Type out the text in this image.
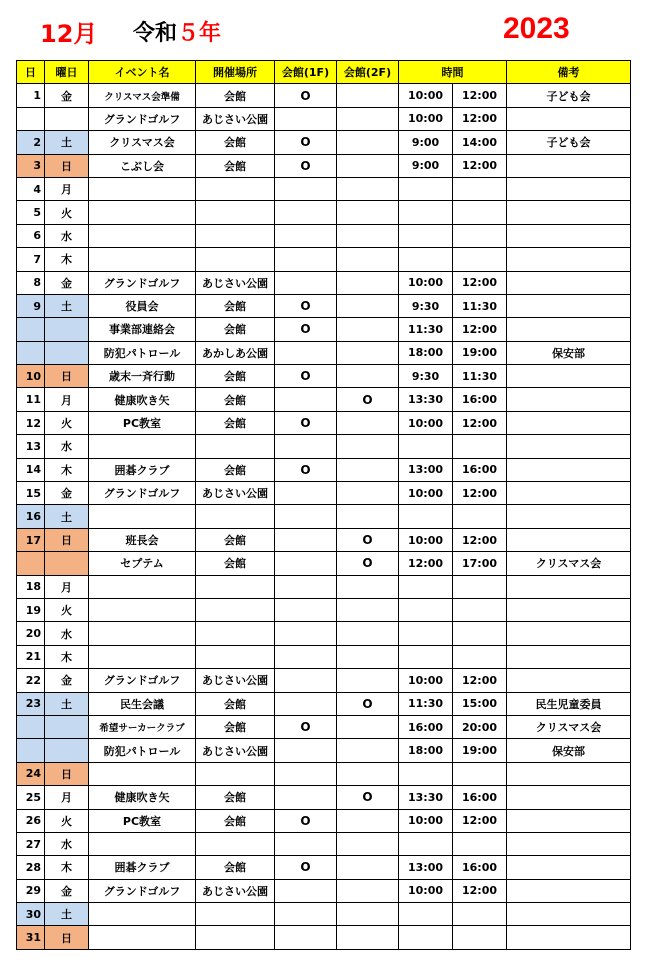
12月 令和５年	2023
日	曜日	イベント名	開催場所	会館(1F)	会館(2F)	時間		備考
1	金	クリスマス会準備	会館	O		10:00	12:00	子ども会
		グランドゴルフ	あじさい公園			10:00	12:00	
2	土	クリスマス会	会館	O		9:00	14:00	子ども会
3	日	こぶし会	会館	O		9:00	12:00	
4	月							
5	火							
6	水							
7	木							
8	金	グランドゴルフ	あじさい公園			10:00	12:00	
9	土	役員会	会館	O		9:30	11:30	
		事業部連絡会	会館	O		11:30	12:00	
		防犯パトロール	あかしあ公園			18:00	19:00	保安部
10	日	歳末一斉行動	会館	O		9:30	11:30	
11	月	健康吹き矢	会館		O	13:30	16:00	
12	火	PC教室	会館	O		10:00	12:00	
13	水							
14	木	囲碁クラブ	会館	O		13:00	16:00	
15	金	グランドゴルフ	あじさい公園			10:00	12:00	
16	土							
17	日	班長会	会館		O	10:00	12:00	
		セプテム	会館		O	12:00	17:00	クリスマス会
18	月							
19	火							
20	水							
21	木							
22	金	グランドゴルフ	あじさい公園			10:00	12:00	
23	土	民生会議	会館		O	11:30	15:00	民生児童委員
		希望サーカークラブ	会館	O		16:00	20:00	クリスマス会
		防犯パトロール	あじさい公園			18:00	19:00	保安部
24	日							
25	月	健康吹き矢	会館		O	13:30	16:00	
26	火	PC教室	会館	O		10:00	12:00	
27	水							
28	木	囲碁クラブ	会館	O		13:00	16:00	
29	金	グランドゴルフ	あじさい公園			10:00	12:00	
30	土							
31	日							
